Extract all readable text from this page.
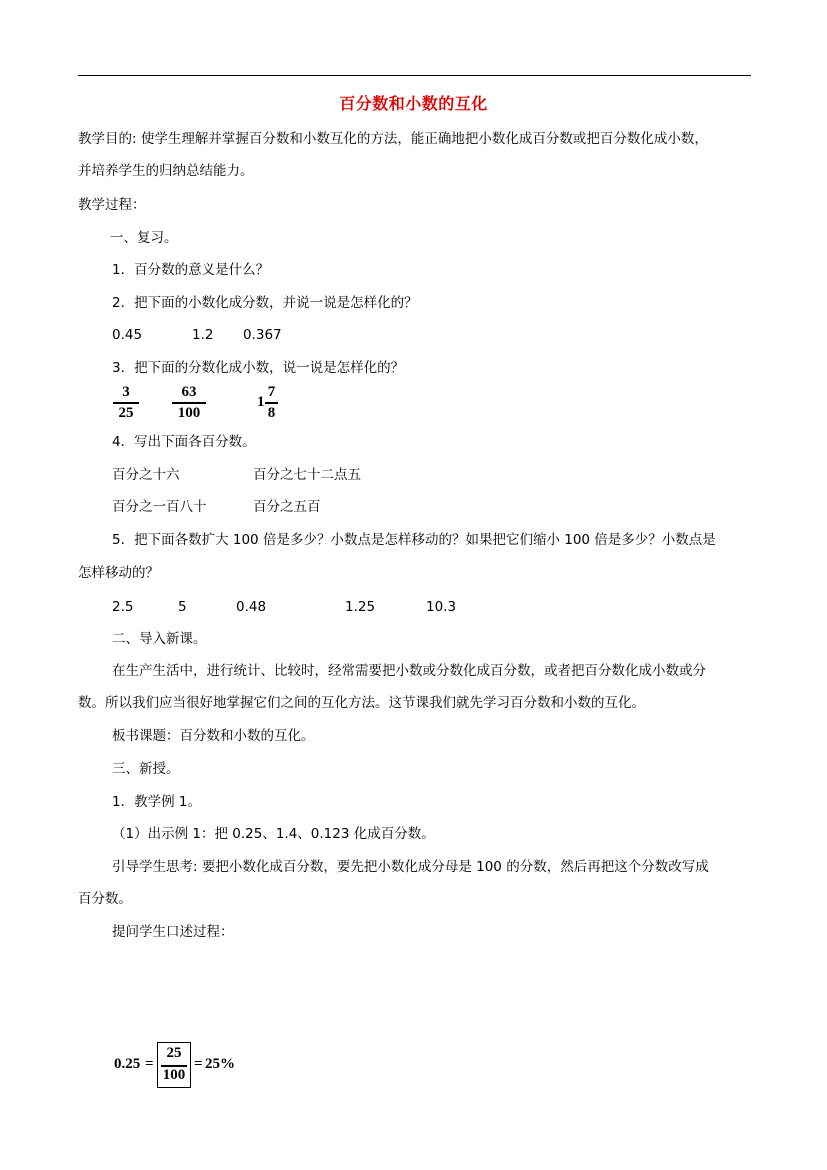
百分数和小数的互化
教学目的: 使学生理解并掌握百分数和小数互化的方法，能正确地把小数化成百分数或把百分数化成小数，
并培养学生的归纳总结能力。
教学过程：
一、复习。
1．百分数的意义是什么？
2．把下面的小数化成分数，并说一说是怎样化的？
0.45	1.2 0.367
3．把下面的分数化成小数，说一说是怎样化的？
3
25
63
100
1
7
8
4．写出下面各百分数。
百分之十六	百分之七十二点五
百分之一百八十	百分之五百
5．把下面各数扩大 100 倍是多少？小数点是怎样移动的？如果把它们缩小 100 倍是多少？小数点是
怎样移动的？
2.5	5	0.48	1.25	10.3
二、导入新课。
在生产生活中，进行统计、比较时，经常需要把小数或分数化成百分数，或者把百分数化成小数或分
数。所以我们应当很好地掌握它们之间的互化方法。这节课我们就先学习百分数和小数的互化。
板书课题：百分数和小数的互化。
三、新授。
1．教学例 1。
（1）出示例 1：把 0.25、1.4、0.123 化成百分数。
引导学生思考: 要把小数化成百分数，要先把小数化成分母是 100 的分数，然后再把这个分数改写成
百分数。
提问学生口述过程：
0.25 =
25
100
= 25%
